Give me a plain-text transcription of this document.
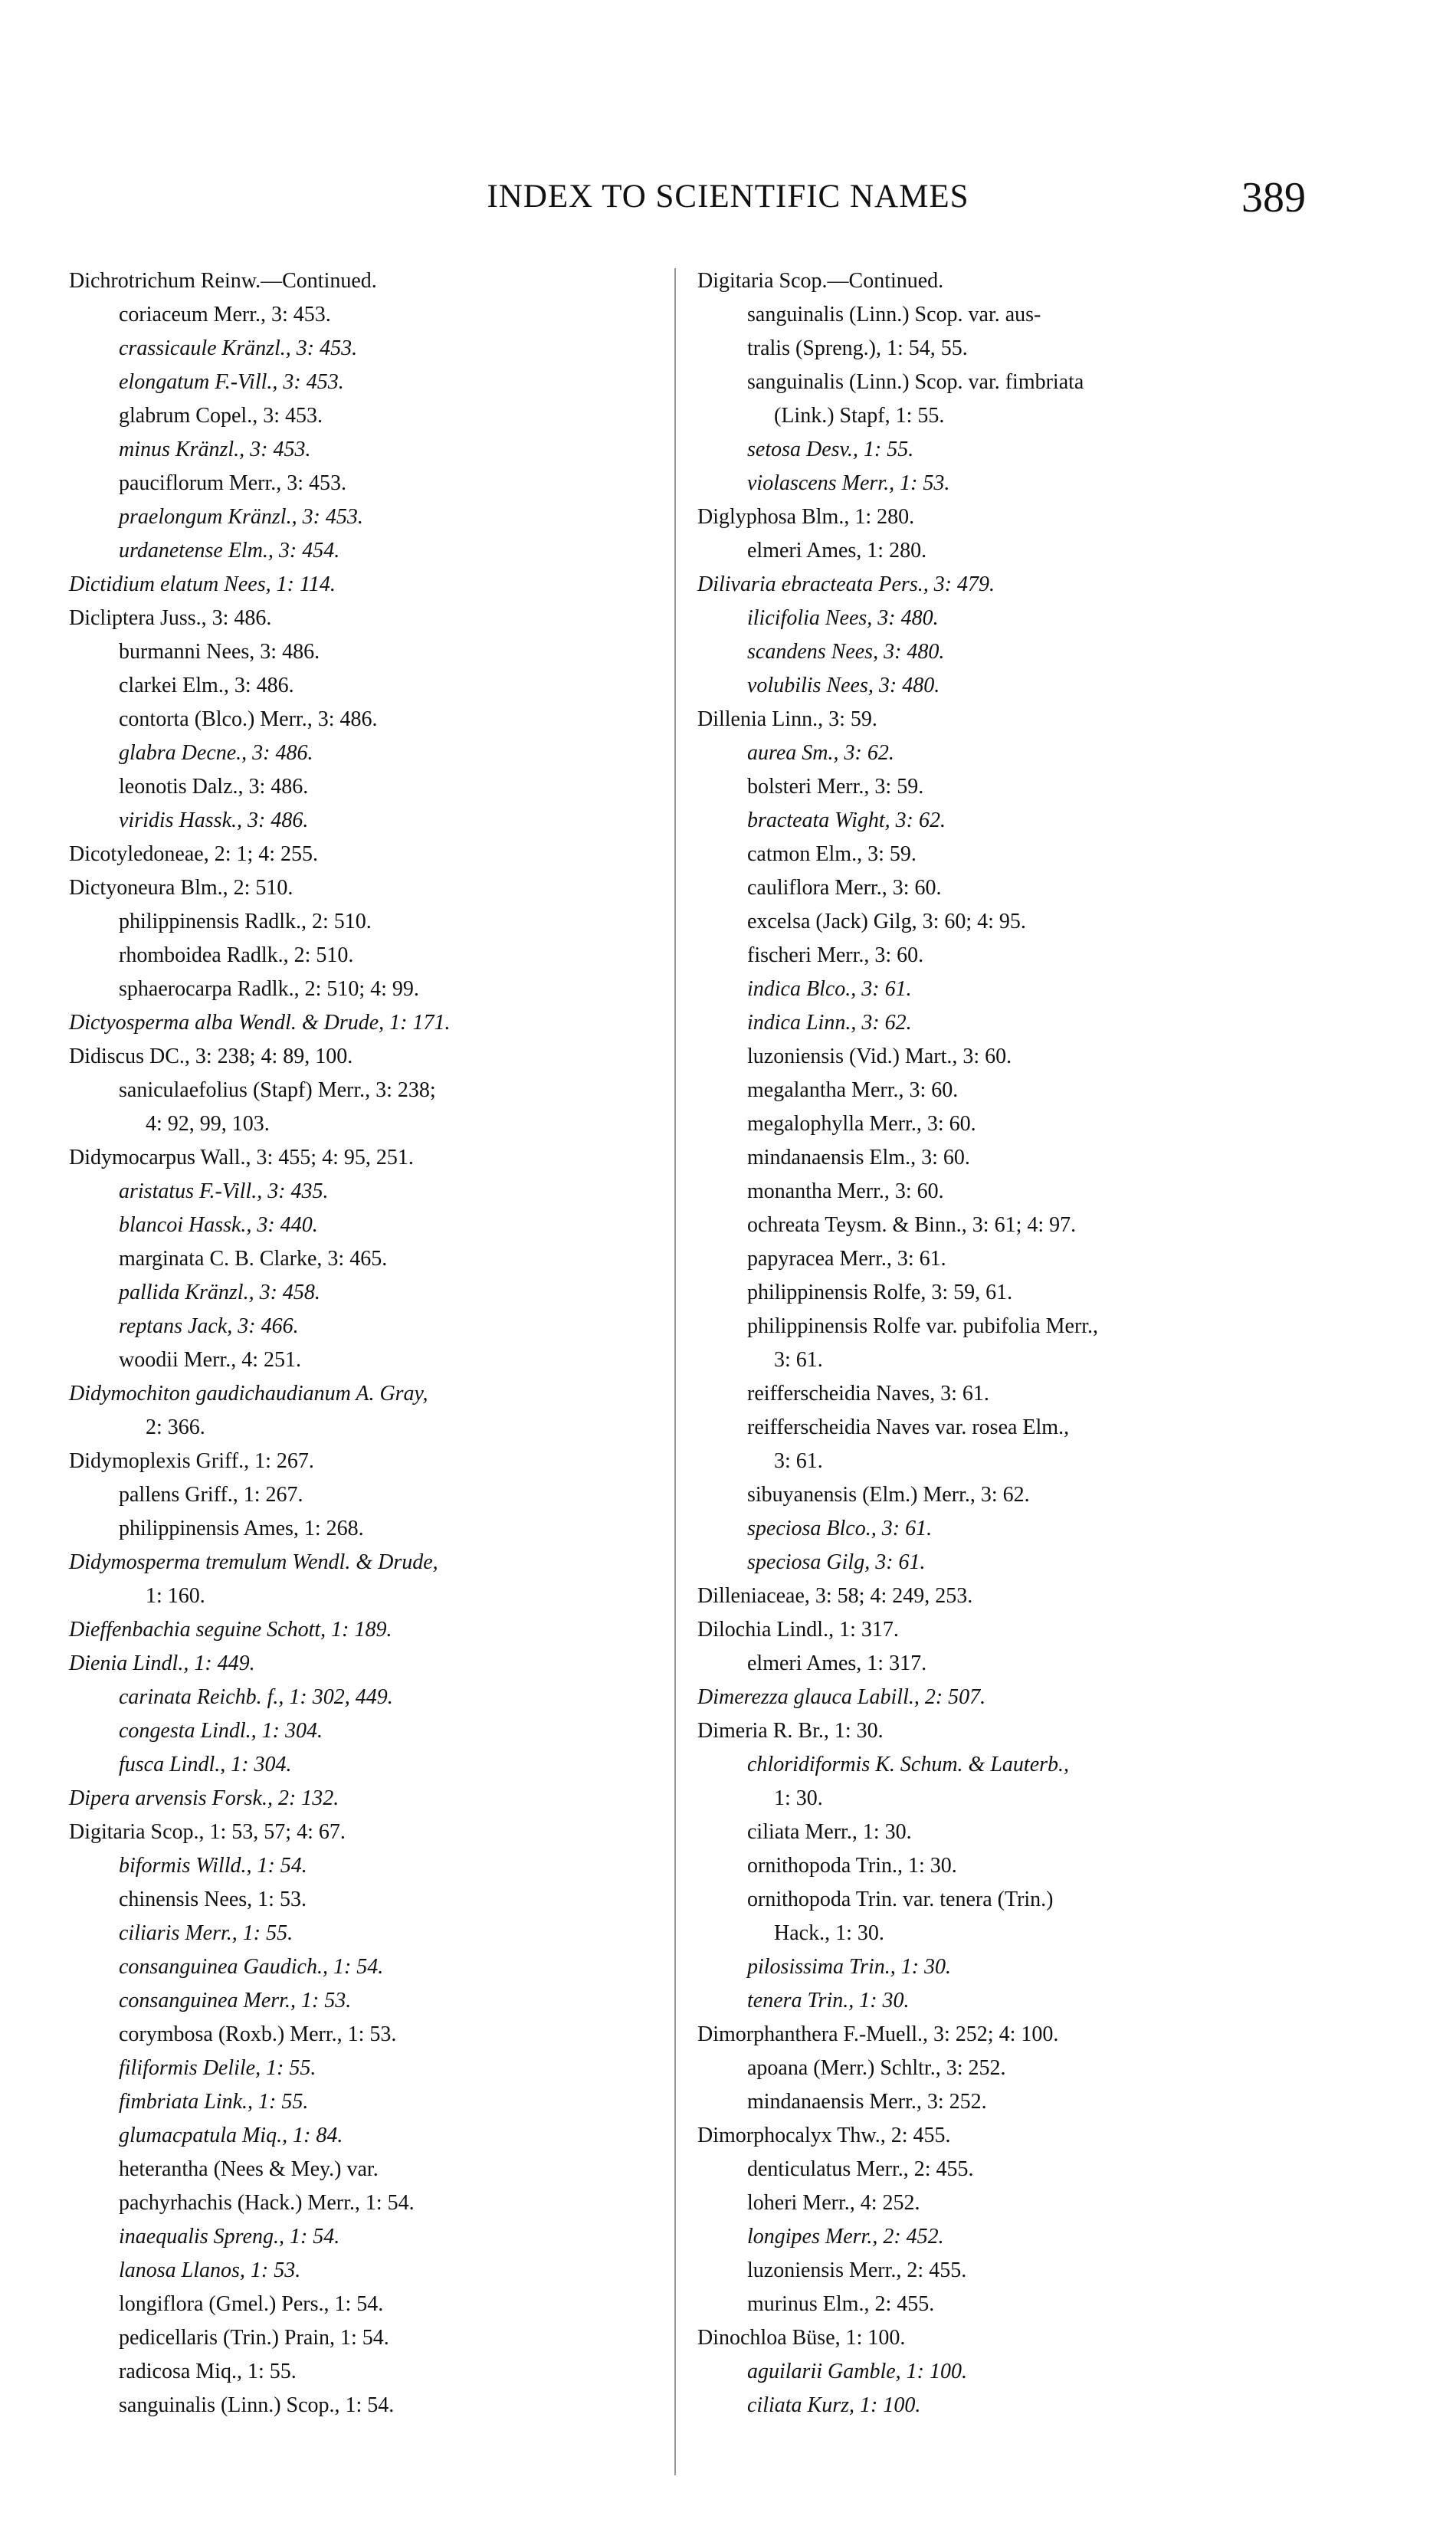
INDEX TO SCIENTIFIC NAMES	389
Dichrotrichum Reinw.—Continued.
coriaceum Merr., 3: 453.
crassicaule Kränzl., 3: 453.
elongatum F.-Vill., 3: 453.
glabrum Copel., 3: 453.
minus Kränzl., 3: 453.
pauciflorum Merr., 3: 453.
praelongum Kränzl., 3: 453.
urdanetense Elm., 3: 454.
Dictidium elatum Nees, 1: 114.
Dicliptera Juss., 3: 486.
burmanni Nees, 3: 486.
clarkei Elm., 3: 486.
contorta (Blco.) Merr., 3: 486.
glabra Decne., 3: 486.
leonotis Dalz., 3: 486.
viridis Hassk., 3: 486.
Dicotyledoneae, 2: 1; 4: 255.
Dictyoneura Blm., 2: 510.
philippinensis Radlk., 2: 510.
rhomboidea Radlk., 2: 510.
sphaerocarpa Radlk., 2: 510; 4: 99.
Dictyosperma alba Wendl. & Drude, 1: 171.
Didiscus DC., 3: 238; 4: 89, 100.
saniculaefolius (Stapf) Merr., 3: 238;
4: 92, 99, 103.
Didymocarpus Wall., 3: 455; 4: 95, 251.
aristatus F.-Vill., 3: 435.
blancoi Hassk., 3: 440.
marginata C. B. Clarke, 3: 465.
pallida Kränzl., 3: 458.
reptans Jack, 3: 466.
woodii Merr., 4: 251.
Didymochiton gaudichaudianum A. Gray,
2: 366.
Didymoplexis Griff., 1: 267.
pallens Griff., 1: 267.
philippinensis Ames, 1: 268.
Didymosperma tremulum Wendl. & Drude,
1: 160.
Dieffenbachia seguine Schott, 1: 189.
Dienia Lindl., 1: 449.
carinata Reichb. f., 1: 302, 449.
congesta Lindl., 1: 304.
fusca Lindl., 1: 304.
Dipera arvensis Forsk., 2: 132.
Digitaria Scop., 1: 53, 57; 4: 67.
biformis Willd., 1: 54.
chinensis Nees, 1: 53.
ciliaris Merr., 1: 55.
consanguinea Gaudich., 1: 54.
consanguinea Merr., 1: 53.
corymbosa (Roxb.) Merr., 1: 53.
filiformis Delile, 1: 55.
fimbriata Link., 1: 55.
glumacpatula Miq., 1: 84.
heterantha (Nees & Mey.) var.
pachyrhachis (Hack.) Merr., 1: 54.
inaequalis Spreng., 1: 54.
lanosa Llanos, 1: 53.
longiflora (Gmel.) Pers., 1: 54.
pedicellaris (Trin.) Prain, 1: 54.
radicosa Miq., 1: 55.
sanguinalis (Linn.) Scop., 1: 54.
Digitaria Scop.—Continued.
sanguinalis (Linn.) Scop. var. aus-
tralis (Spreng.), 1: 54, 55.
sanguinalis (Linn.) Scop. var. fimbriata
(Link.) Stapf, 1: 55.
setosa Desv., 1: 55.
violascens Merr., 1: 53.
Diglyphosa Blm., 1: 280.
elmeri Ames, 1: 280.
Dilivaria ebracteata Pers., 3: 479.
ilicifolia Nees, 3: 480.
scandens Nees, 3: 480.
volubilis Nees, 3: 480.
Dillenia Linn., 3: 59.
aurea Sm., 3: 62.
bolsteri Merr., 3: 59.
bracteata Wight, 3: 62.
catmon Elm., 3: 59.
cauliflora Merr., 3: 60.
excelsa (Jack) Gilg, 3: 60; 4: 95.
fischeri Merr., 3: 60.
indica Blco., 3: 61.
indica Linn., 3: 62.
luzoniensis (Vid.) Mart., 3: 60.
megalantha Merr., 3: 60.
megalophylla Merr., 3: 60.
mindanaensis Elm., 3: 60.
monantha Merr., 3: 60.
ochreata Teysm. & Binn., 3: 61; 4: 97.
papyracea Merr., 3: 61.
philippinensis Rolfe, 3: 59, 61.
philippinensis Rolfe var. pubifolia Merr.,
3: 61.
reifferscheidia Naves, 3: 61.
reifferscheidia Naves var. rosea Elm.,
3: 61.
sibuyanensis (Elm.) Merr., 3: 62.
speciosa Blco., 3: 61.
speciosa Gilg, 3: 61.
Dilleniaceae, 3: 58; 4: 249, 253.
Dilochia Lindl., 1: 317.
elmeri Ames, 1: 317.
Dimerezza glauca Labill., 2: 507.
Dimeria R. Br., 1: 30.
chloridiformis K. Schum. & Lauterb.,
1: 30.
ciliata Merr., 1: 30.
ornithopoda Trin., 1: 30.
ornithopoda Trin. var. tenera (Trin.)
Hack., 1: 30.
pilosissima Trin., 1: 30.
tenera Trin., 1: 30.
Dimorphanthera F.-Muell., 3: 252; 4: 100.
apoana (Merr.) Schltr., 3: 252.
mindanaensis Merr., 3: 252.
Dimorphocalyx Thw., 2: 455.
denticulatus Merr., 2: 455.
loheri Merr., 4: 252.
longipes Merr., 2: 452.
luzoniensis Merr., 2: 455.
murinus Elm., 2: 455.
Dinochloa Büse, 1: 100.
aguilarii Gamble, 1: 100.
ciliata Kurz, 1: 100.
